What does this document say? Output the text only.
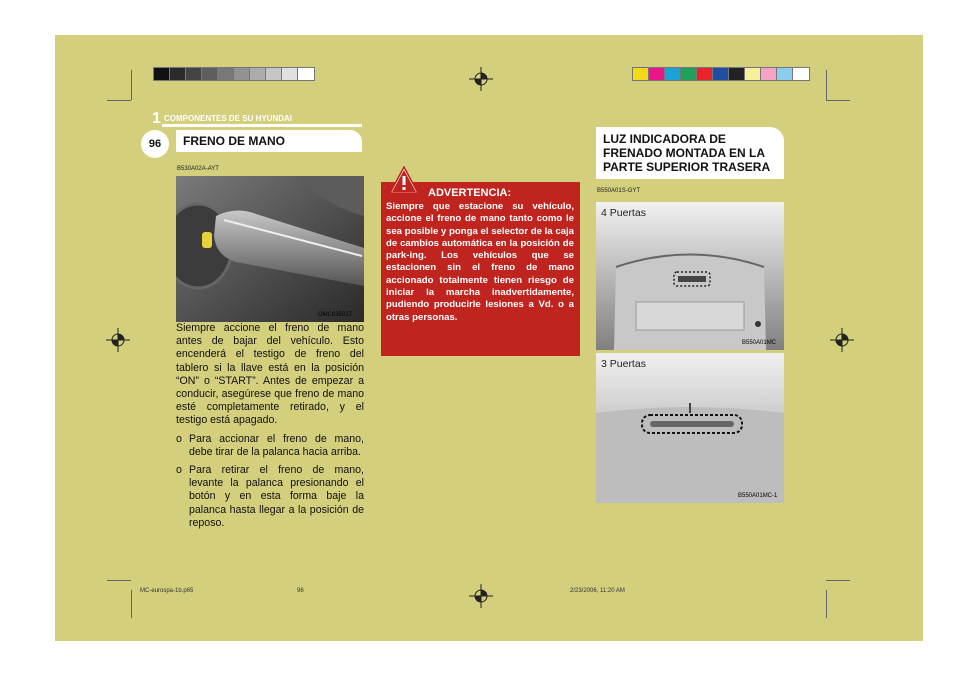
1 COMPONENTES DE SU HYUNDAI
96	FRENO DE MANO
B530A02A-AYT
OMC035017

Siempre accione el freno de mano antes de bajar del vehículo. Esto encenderá el testigo de freno del tablero si la llave está en la posición “ON” o “START”. Antes de empezar a conducir, asegúrese que freno de mano esté completamente retirado, y el testigo está apagado.

o Para accionar el freno de mano, debe tirar de la palanca hacia arriba.

o Para retirar el freno de mano, levante la palanca presionando el botón y en esta forma baje la palanca hasta llegar a la posición de reposo.

ADVERTENCIA:
Siempre que estacione su vehículo, accione el freno de mano tanto como le sea posible y ponga el selector de la caja de cambios automática en la posición de park-ing. Los vehículos que se estacionen sin el freno de mano accionado totalmente tienen riesgo de iniciar la marcha inadvertidamente, pudiendo producirle lesiones a Vd. o a otras personas.
LUZ INDICADORA DE FRENADO MONTADA EN LA PARTE SUPERIOR TRASERA
B550A01S-GYT
4 Puertas
B550A01MC
3 Puertas
B550A01MC-1
MC-eurospa-1b.p65	96	2/23/2006, 11:20 AM
